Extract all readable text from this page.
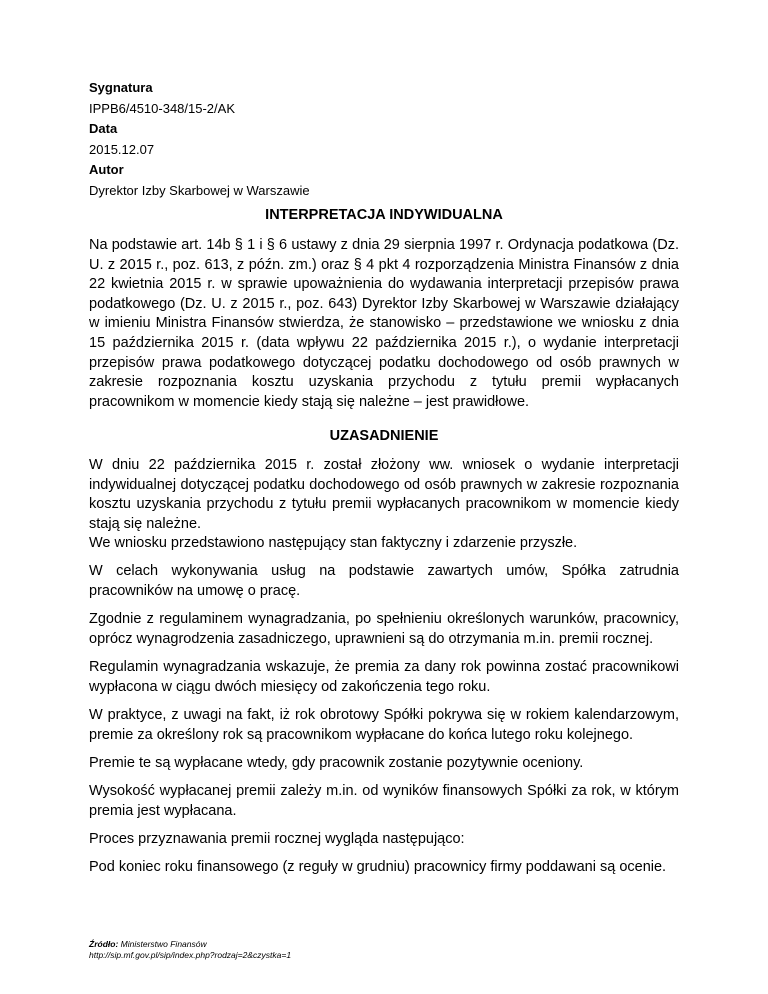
Sygnatura
IPPB6/4510-348/15-2/AK
Data
2015.12.07
Autor
Dyrektor Izby Skarbowej w Warszawie
INTERPRETACJA INDYWIDUALNA
Na podstawie art. 14b § 1 i § 6 ustawy z dnia 29 sierpnia 1997 r. Ordynacja podatkowa (Dz. U. z 2015 r., poz. 613, z późn. zm.) oraz § 4 pkt 4 rozporządzenia Ministra Finansów z dnia 22 kwietnia 2015 r. w sprawie upoważnienia do wydawania interpretacji przepisów prawa podatkowego (Dz. U. z 2015 r., poz. 643) Dyrektor Izby Skarbowej w Warszawie działający w imieniu Ministra Finansów stwierdza, że stanowisko – przedstawione we wniosku z dnia 15 października 2015 r. (data wpływu 22 października 2015 r.), o wydanie interpretacji przepisów prawa podatkowego dotyczącej podatku dochodowego od osób prawnych w zakresie rozpoznania kosztu uzyskania przychodu z tytułu premii wypłacanych pracownikom w momencie kiedy stają się należne – jest prawidłowe.
UZASADNIENIE
W dniu 22 października 2015 r. został złożony ww. wniosek o wydanie interpretacji indywidualnej dotyczącej podatku dochodowego od osób prawnych w zakresie rozpoznania kosztu uzyskania przychodu z tytułu premii wypłacanych pracownikom w momencie kiedy stają się należne.
We wniosku przedstawiono następujący stan faktyczny i zdarzenie przyszłe.
W celach wykonywania usług na podstawie zawartych umów, Spółka zatrudnia pracowników na umowę o pracę.
Zgodnie z regulaminem wynagradzania, po spełnieniu określonych warunków, pracownicy, oprócz wynagrodzenia zasadniczego, uprawnieni są do otrzymania m.in. premii rocznej.
Regulamin wynagradzania wskazuje, że premia za dany rok powinna zostać pracownikowi wypłacona w ciągu dwóch miesięcy od zakończenia tego roku.
W praktyce, z uwagi na fakt, iż rok obrotowy Spółki pokrywa się w rokiem kalendarzowym, premie za określony rok są pracownikom wypłacane do końca lutego roku kolejnego.
Premie te są wypłacane wtedy, gdy pracownik zostanie pozytywnie oceniony.
Wysokość wypłacanej premii zależy m.in. od wyników finansowych Spółki za rok, w którym premia jest wypłacana.
Proces przyznawania premii rocznej wygląda następująco:
Pod koniec roku finansowego (z reguły w grudniu) pracownicy firmy poddawani są ocenie.
Źródło: Ministerstwo Finansów
http://sip.mf.gov.pl/sip/index.php?rodzaj=2&czystka=1
